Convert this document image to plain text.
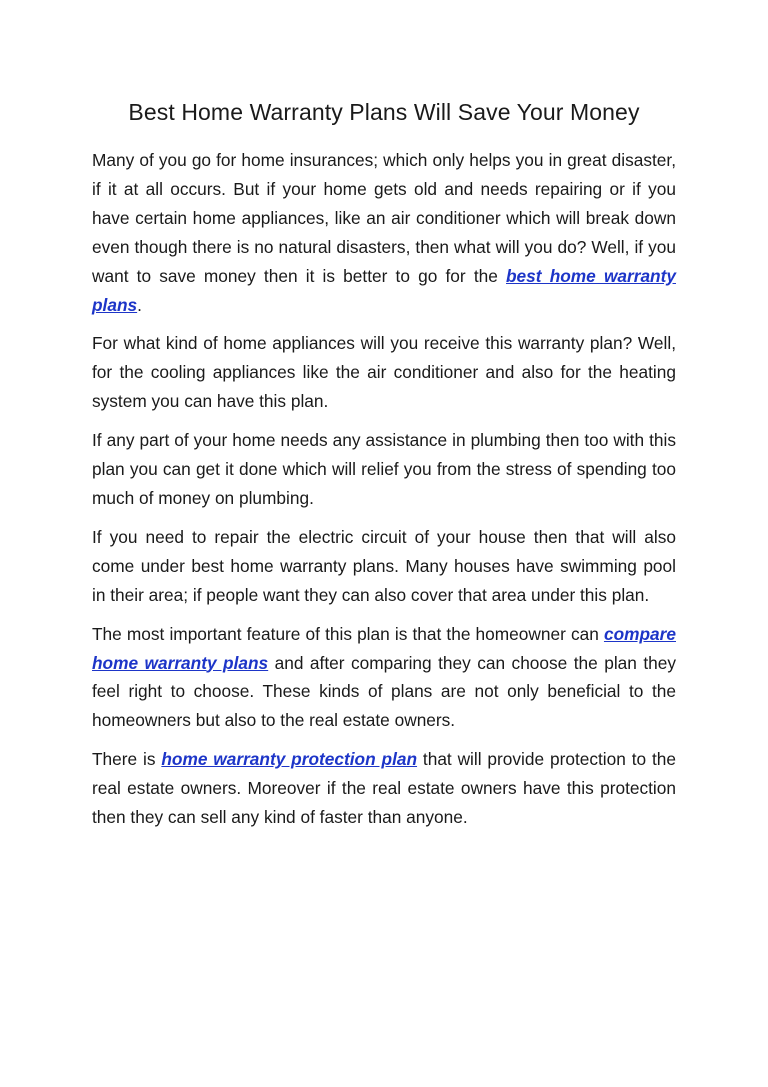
Best Home Warranty Plans Will Save Your Money

Many of you go for home insurances; which only helps you in great disaster, if it at all occurs. But if your home gets old and needs repairing or if you have certain home appliances, like an air conditioner which will break down even though there is no natural disasters, then what will you do? Well, if you want to save money then it is better to go for the best home warranty plans.

For what kind of home appliances will you receive this warranty plan? Well, for the cooling appliances like the air conditioner and also for the heating system you can have this plan.

If any part of your home needs any assistance in plumbing then too with this plan you can get it done which will relief you from the stress of spending too much of money on plumbing.

If you need to repair the electric circuit of your house then that will also come under best home warranty plans. Many houses have swimming pool in their area; if people want they can also cover that area under this plan.

The most important feature of this plan is that the homeowner can compare home warranty plans and after comparing they can choose the plan they feel right to choose. These kinds of plans are not only beneficial to the homeowners but also to the real estate owners.

There is home warranty protection plan that will provide protection to the real estate owners. Moreover if the real estate owners have this protection then they can sell any kind of faster than anyone.
